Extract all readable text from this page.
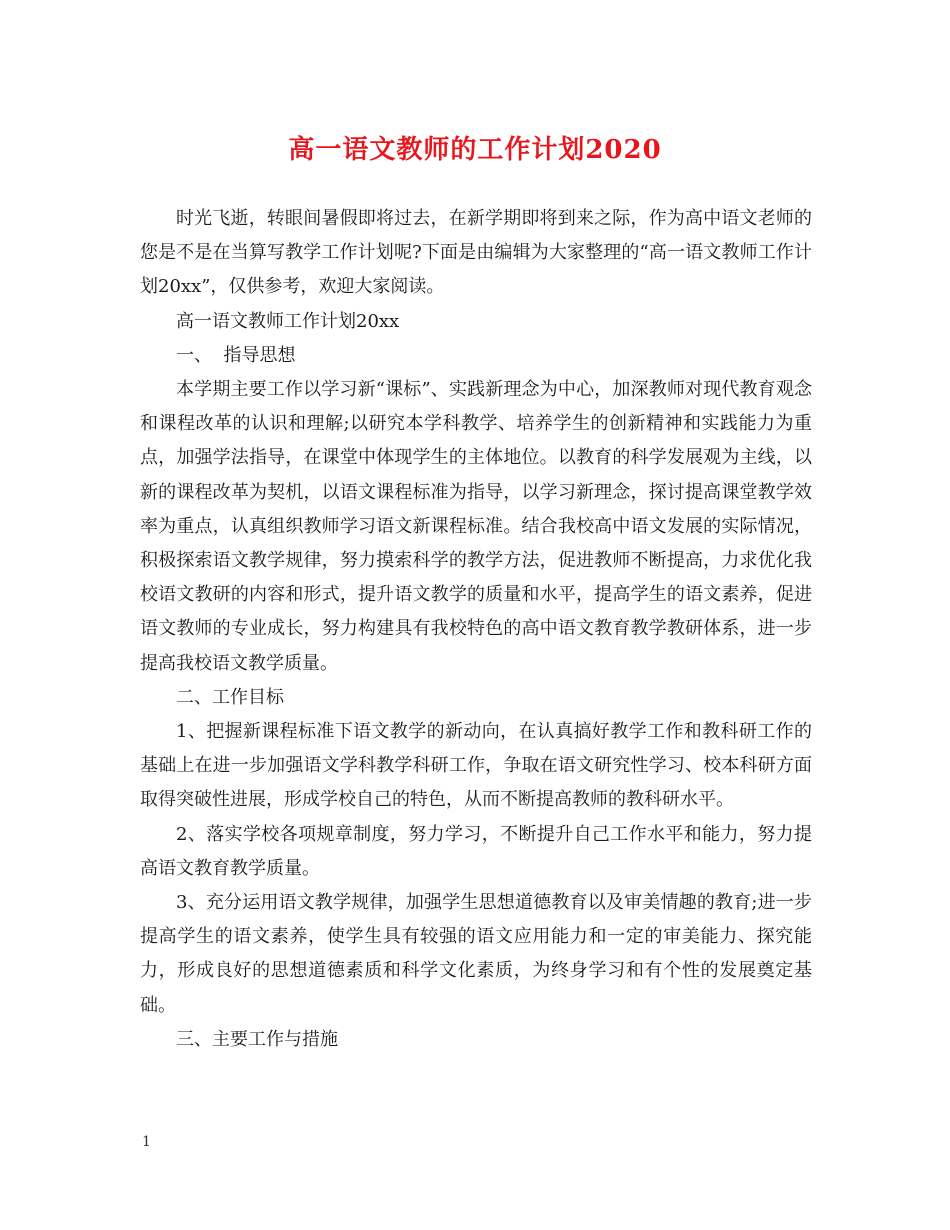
高一语文教师的工作计划2020

时光飞逝，转眼间暑假即将过去，在新学期即将到来之际，作为高中语文老师的您是不是在当算写教学工作计划呢?下面是由编辑为大家整理的“高一语文教师工作计划20xx”，仅供参考，欢迎大家阅读。

高一语文教师工作计划20xx

一、  指导思想

本学期主要工作以学习新“课标”、实践新理念为中心，加深教师对现代教育观念和课程改革的认识和理解;以研究本学科教学、培养学生的创新精神和实践能力为重点，加强学法指导，在课堂中体现学生的主体地位。以教育的科学发展观为主线，以新的课程改革为契机，以语文课程标准为指导，以学习新理念，探讨提高课堂教学效率为重点，认真组织教师学习语文新课程标准。结合我校高中语文发展的实际情况，积极探索语文教学规律，努力摸索科学的教学方法，促进教师不断提高，力求优化我校语文教研的内容和形式，提升语文教学的质量和水平，提高学生的语文素养，促进语文教师的专业成长，努力构建具有我校特色的高中语文教育教学教研体系，进一步提高我校语文教学质量。

二、工作目标

1、把握新课程标准下语文教学的新动向，在认真搞好教学工作和教科研工作的基础上在进一步加强语文学科教学科研工作，争取在语文研究性学习、校本科研方面取得突破性进展，形成学校自己的特色，从而不断提高教师的教科研水平。

2、落实学校各项规章制度，努力学习，不断提升自己工作水平和能力，努力提高语文教育教学质量。

3、充分运用语文教学规律，加强学生思想道德教育以及审美情趣的教育;进一步提高学生的语文素养，使学生具有较强的语文应用能力和一定的审美能力、探究能力，形成良好的思想道德素质和科学文化素质，为终身学习和有个性的发展奠定基础。

三、主要工作与措施

1
